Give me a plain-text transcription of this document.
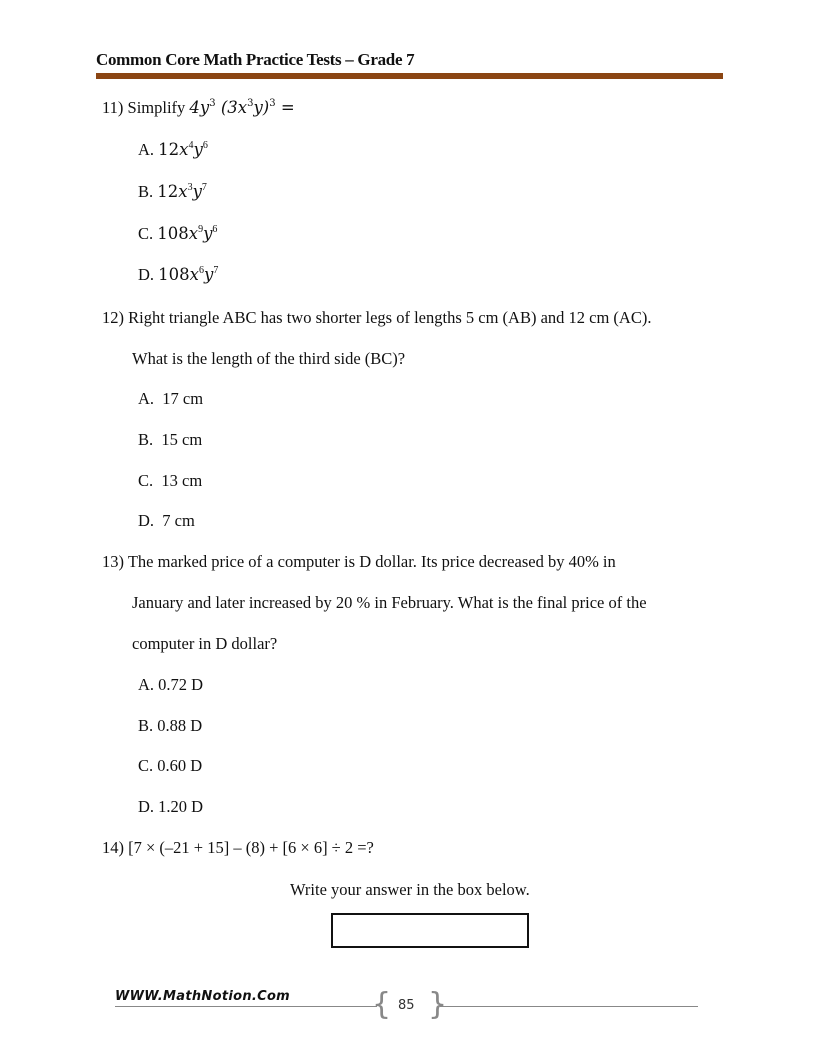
Common Core Math Practice Tests – Grade 7
11) Simplify $4y^3$ $(3x^3y)^3$ =
A. $12x^4y^6$
B. $12x^3y^7$
C. $108x^9y^6$
D. $108x^6y^7$
12) Right triangle ABC has two shorter legs of lengths 5 cm (AB) and 12 cm (AC).
What is the length of the third side (BC)?
A. 17 cm
B. 15 cm
C. 13 cm
D. 7 cm
13) The marked price of a computer is D dollar. Its price decreased by 40% in
January and later increased by 20 % in February. What is the final price of the
computer in D dollar?
A. 0.72 D
B. 0.88 D
C. 0.60 D
D. 1.20 D
14) [7 × (–21 + 15] – (8) + [6 × 6] ÷ 2 =?
Write your answer in the box below.
WWW.MathNotion.Com	{ 85 }
